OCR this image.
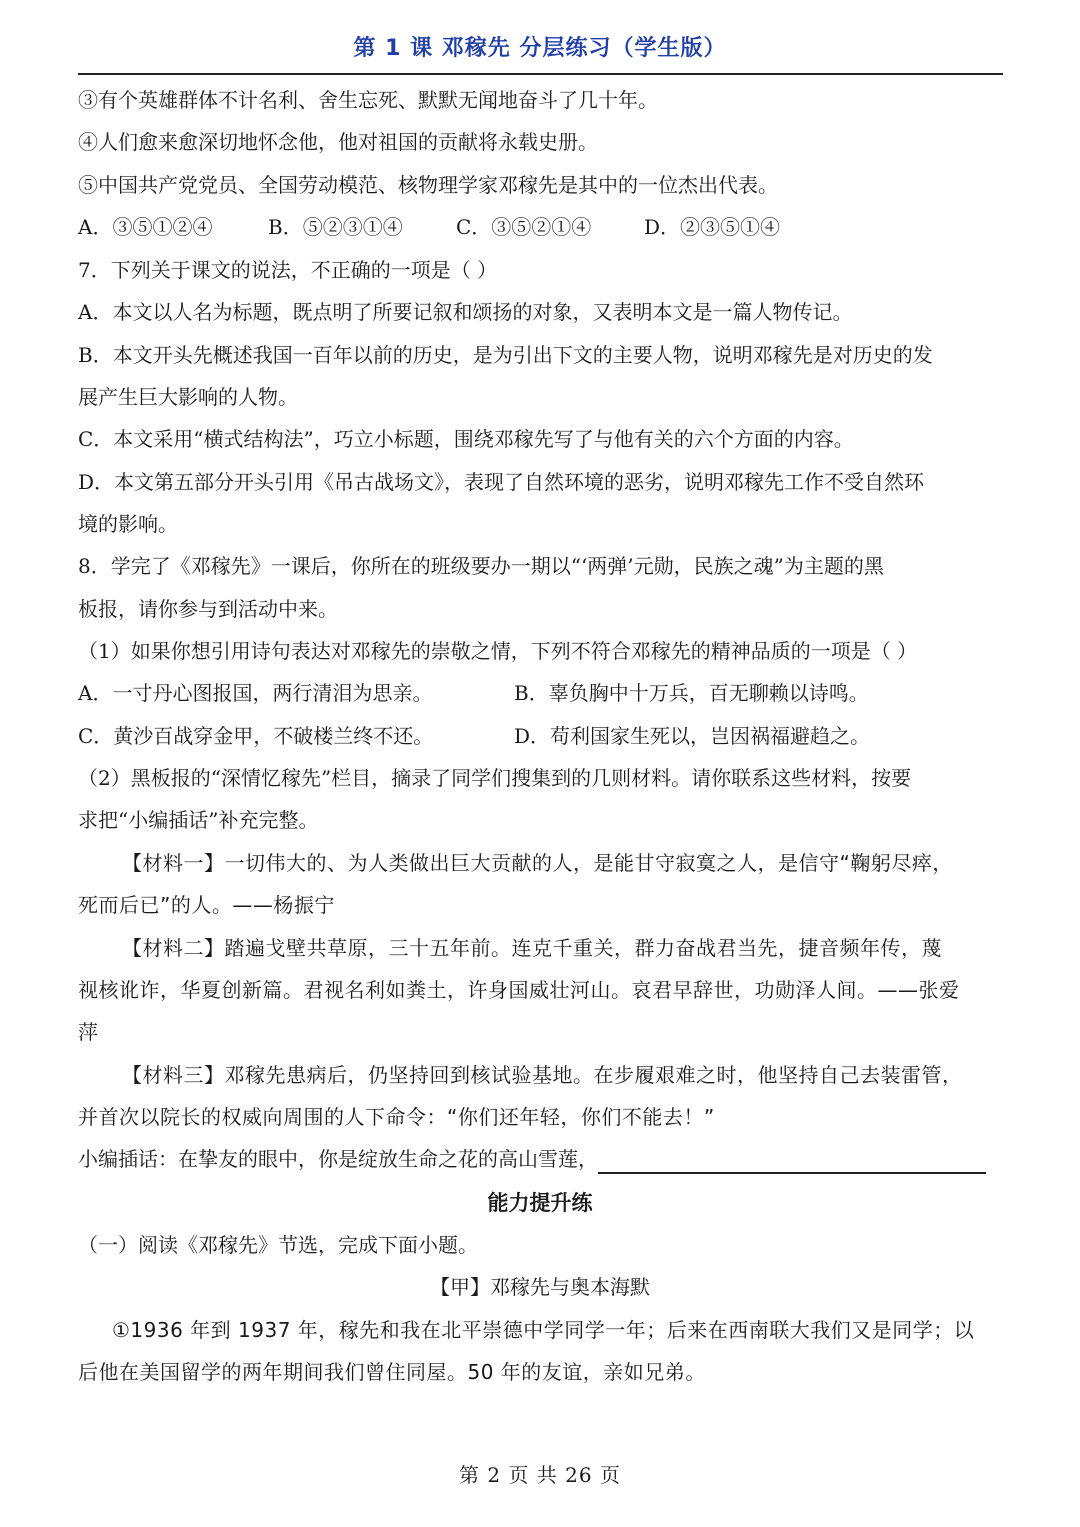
第 1 课 邓稼先 分层练习（学生版）
③有个英雄群体不计名利、舍生忘死、默默无闻地奋斗了几十年。
④人们愈来愈深切地怀念他，他对祖国的贡献将永载史册。
⑤中国共产党党员、全国劳动模范、核物理学家邓稼先是其中的一位杰出代表。
A．③⑤①②④	B．⑤②③①④	C．③⑤②①④	D．②③⑤①④
7．下列关于课文的说法，不正确的一项是（ ）
A．本文以人名为标题，既点明了所要记叙和颂扬的对象，又表明本文是一篇人物传记。
B．本文开头先概述我国一百年以前的历史，是为引出下文的主要人物，说明邓稼先是对历史的发
展产生巨大影响的人物。
C．本文采用“横式结构法”，巧立小标题，围绕邓稼先写了与他有关的六个方面的内容。
D．本文第五部分开头引用《吊古战场文》，表现了自然环境的恶劣，说明邓稼先工作不受自然环
境的影响。
8．学完了《邓稼先》一课后，你所在的班级要办一期以“‘两弹’元勋，民族之魂”为主题的黑
板报，请你参与到活动中来。
（1）如果你想引用诗句表达对邓稼先的崇敬之情，下列不符合邓稼先的精神品质的一项是（ ）
A．一寸丹心图报国，两行清泪为思亲。	B．辜负胸中十万兵，百无聊赖以诗鸣。
C．黄沙百战穿金甲，不破楼兰终不还。	D．苟利国家生死以，岂因祸福避趋之。
（2）黑板报的“深情忆稼先”栏目，摘录了同学们搜集到的几则材料。请你联系这些材料，按要
求把“小编插话”补充完整。
【材料一】一切伟大的、为人类做出巨大贡献的人，是能甘守寂寞之人，是信守“鞠躬尽瘁，
死而后已”的人。——杨振宁
【材料二】踏遍戈壁共草原，三十五年前。连克千重关，群力奋战君当先，捷音频年传，蔑
视核讹诈，华夏创新篇。君视名利如粪土，许身国威壮河山。哀君早辞世，功勋泽人间。——张爱
萍
【材料三】邓稼先患病后，仍坚持回到核试验基地。在步履艰难之时，他坚持自己去装雷管，
并首次以院长的权威向周围的人下命令：“你们还年轻，你们不能去！”
小编插话：在挚友的眼中，你是绽放生命之花的高山雪莲，
能力提升练
（一）阅读《邓稼先》节选，完成下面小题。
【甲】邓稼先与奥本海默
①1936 年到 1937 年，稼先和我在北平崇德中学同学一年；后来在西南联大我们又是同学；以
后他在美国留学的两年期间我们曾住同屋。50 年的友谊，亲如兄弟。
第 2 页 共 26 页
